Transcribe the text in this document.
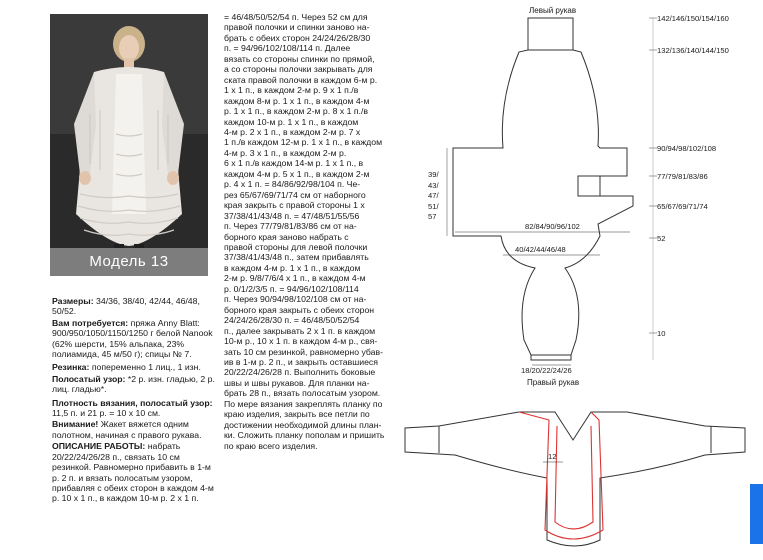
Модель 13

Размеры: 34/36, 38/40, 42/44, 46/48, 50/52.

Вам потребуется: пряжа Anny Blatt: 900/950/1050/1150/1250 г белой Nanook (62% шерсти, 15% альпака, 23% полиамида, 45 м/50 г); спицы № 7.

Резинка: попеременно 1 лиц., 1 изн.

Полосатый узор: *2 р. изн. гладью, 2 р. лиц. гладью*.

Плотность вязания, полосатый узор: 11,5 п. и 21 р. = 10 х 10 см.

Внимание! Жакет вяжется одним полотном, начиная с правого рукава.

ОПИСАНИЕ РАБОТЫ: набрать 20/22/24/26/28 п., связать 10 см резинкой. Равномерно прибавить в 1-м р. 2 п. и вязать полосатым узором, прибавляя с обеих сторон в каждом 4-м р. 10 х 1 п., в каждом 10-м р. 2 х 1 п.

= 46/48/50/52/54 п. Через 52 см для
правой полочки и спинки заново на-
брать с обеих сторон 24/24/26/28/30
п. = 94/96/102/108/114 п. Далее
вязать со стороны спинки по прямой,
а со стороны полочки закрывать для
ската правой полочки в каждом 6-м р.
1 х 1 п., в каждом 2-м р. 9 х 1 п./в
каждом 8-м р. 1 х 1 п., в каждом 4-м
р. 1 х 1 п., в каждом 2-м р. 8 х 1 п./в
каждом 10-м р. 1 х 1 п., в каждом
4-м р. 2 х 1 п., в каждом 2-м р. 7 х
1 п./в каждом 12-м р. 1 х 1 п., в каждом
4-м р. 3 х 1 п., в каждом 2-м р.
6 х 1 п./в каждом 14-м р. 1 х 1 п., в
каждом 4-м р. 5 х 1 п., в каждом 2-м
р. 4 х 1 п. = 84/86/92/98/104 п. Че-
рез 65/67/69/71/74 см от наборного
края закрыть с правой стороны 1 х
37/38/41/43/48 п. = 47/48/51/55/56
п. Через 77/79/81/83/86 см от на-
борного края заново набрать с
правой стороны для левой полочки
37/38/41/43/48 п., затем прибавлять
в каждом 4-м р. 1 х 1 п., в каждом
2-м р. 9/8/7/6/4 х 1 п., в каждом 4-м
р. 0/1/2/3/5 п. = 94/96/102/108/114
п. Через 90/94/98/102/108 см от на-
борного края закрыть с обеих сторон
24/24/26/28/30 п. = 46/48/50/52/54
п., далее закрывать 2 х 1 п. в каждом
10-м р., 10 х 1 п. в каждом 4-м р., свя-
зать 10 см резинкой, равномерно убав-
ив в 1-м р. 2 п., и закрыть оставшиеся
20/22/24/26/28 п. Выполнить боковые
швы и швы рукавов. Для планки на-
брать 28 п., вязать полосатым узором.
По мере вязания закреплять планку по
краю изделия, закрыть все петли по
достижении необходимой длины план-
ки. Сложить планку пополам и пришить
по краю всего изделия.
Левый рукав
Правый рукав
142/146/150/154/160
132/136/140/144/150
90/94/98/102/108
77/79/81/83/86
65/67/69/71/74
52
10
39/
43/
47/
51/
57
82/84/90/96/102
40/42/44/46/48
18/20/22/24/26
12
